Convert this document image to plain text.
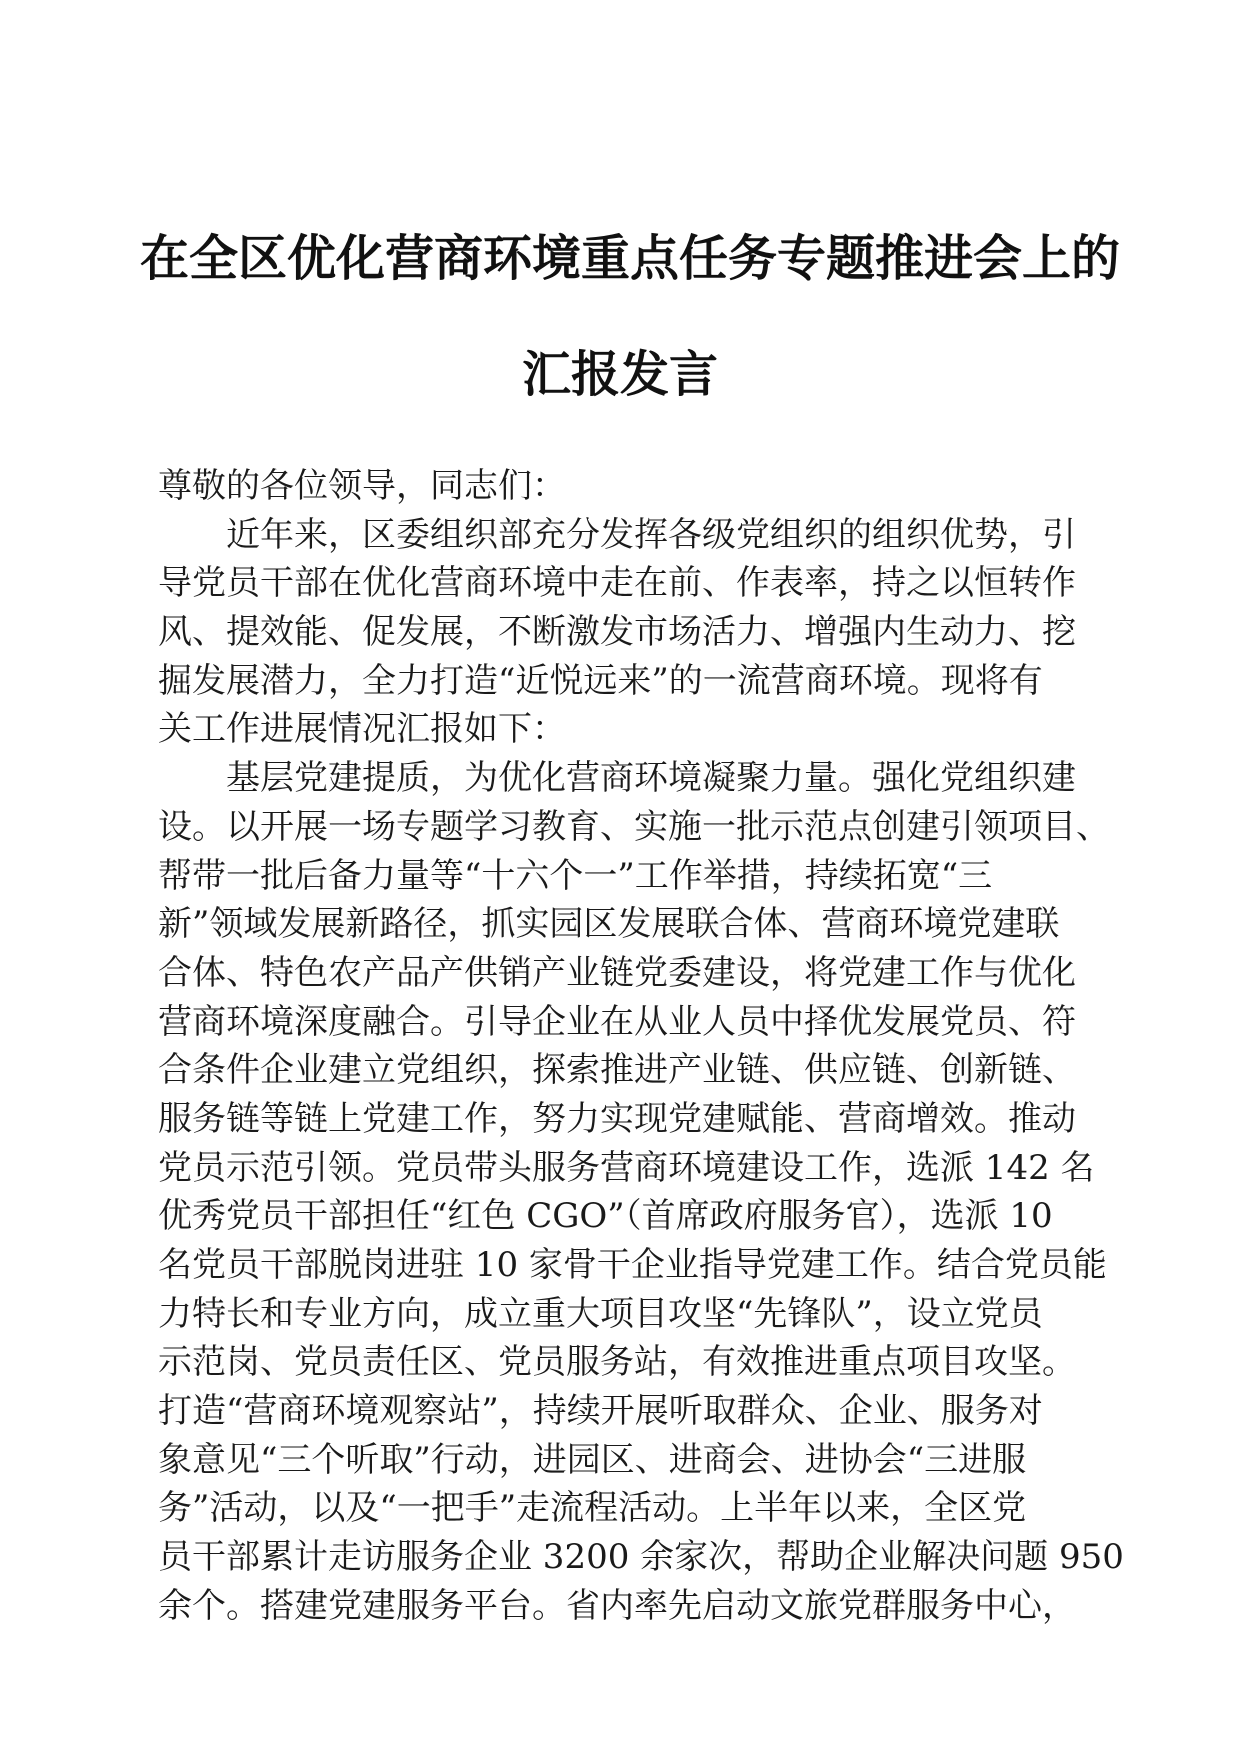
在全区优化营商环境重点任务专题推进会上的
汇报发言
尊敬的各位领导，同志们：
近年来，区委组织部充分发挥各级党组织的组织优势，引
导党员干部在优化营商环境中走在前、作表率，持之以恒转作
风、提效能、促发展，不断激发市场活力、增强内生动力、挖
掘发展潜力，全力打造“近悦远来”的一流营商环境。现将有
关工作进展情况汇报如下：
基层党建提质，为优化营商环境凝聚力量。强化党组织建
设。以开展一场专题学习教育、实施一批示范点创建引领项目、
帮带一批后备力量等“十六个一”工作举措，持续拓宽“三
新”领域发展新路径，抓实园区发展联合体、营商环境党建联
合体、特色农产品产供销产业链党委建设，将党建工作与优化
营商环境深度融合。引导企业在从业人员中择优发展党员、符
合条件企业建立党组织，探索推进产业链、供应链、创新链、
服务链等链上党建工作，努力实现党建赋能、营商增效。推动
党员示范引领。党员带头服务营商环境建设工作，选派 142 名
优秀党员干部担任“红色 CGO”（首席政府服务官），选派 10
名党员干部脱岗进驻 10 家骨干企业指导党建工作。结合党员能
力特长和专业方向，成立重大项目攻坚“先锋队”，设立党员
示范岗、党员责任区、党员服务站，有效推进重点项目攻坚。
打造“营商环境观察站”，持续开展听取群众、企业、服务对
象意见“三个听取”行动，进园区、进商会、进协会“三进服
务”活动，以及“一把手”走流程活动。上半年以来，全区党
员干部累计走访服务企业 3200 余家次，帮助企业解决问题 950
余个。搭建党建服务平台。省内率先启动文旅党群服务中心，
